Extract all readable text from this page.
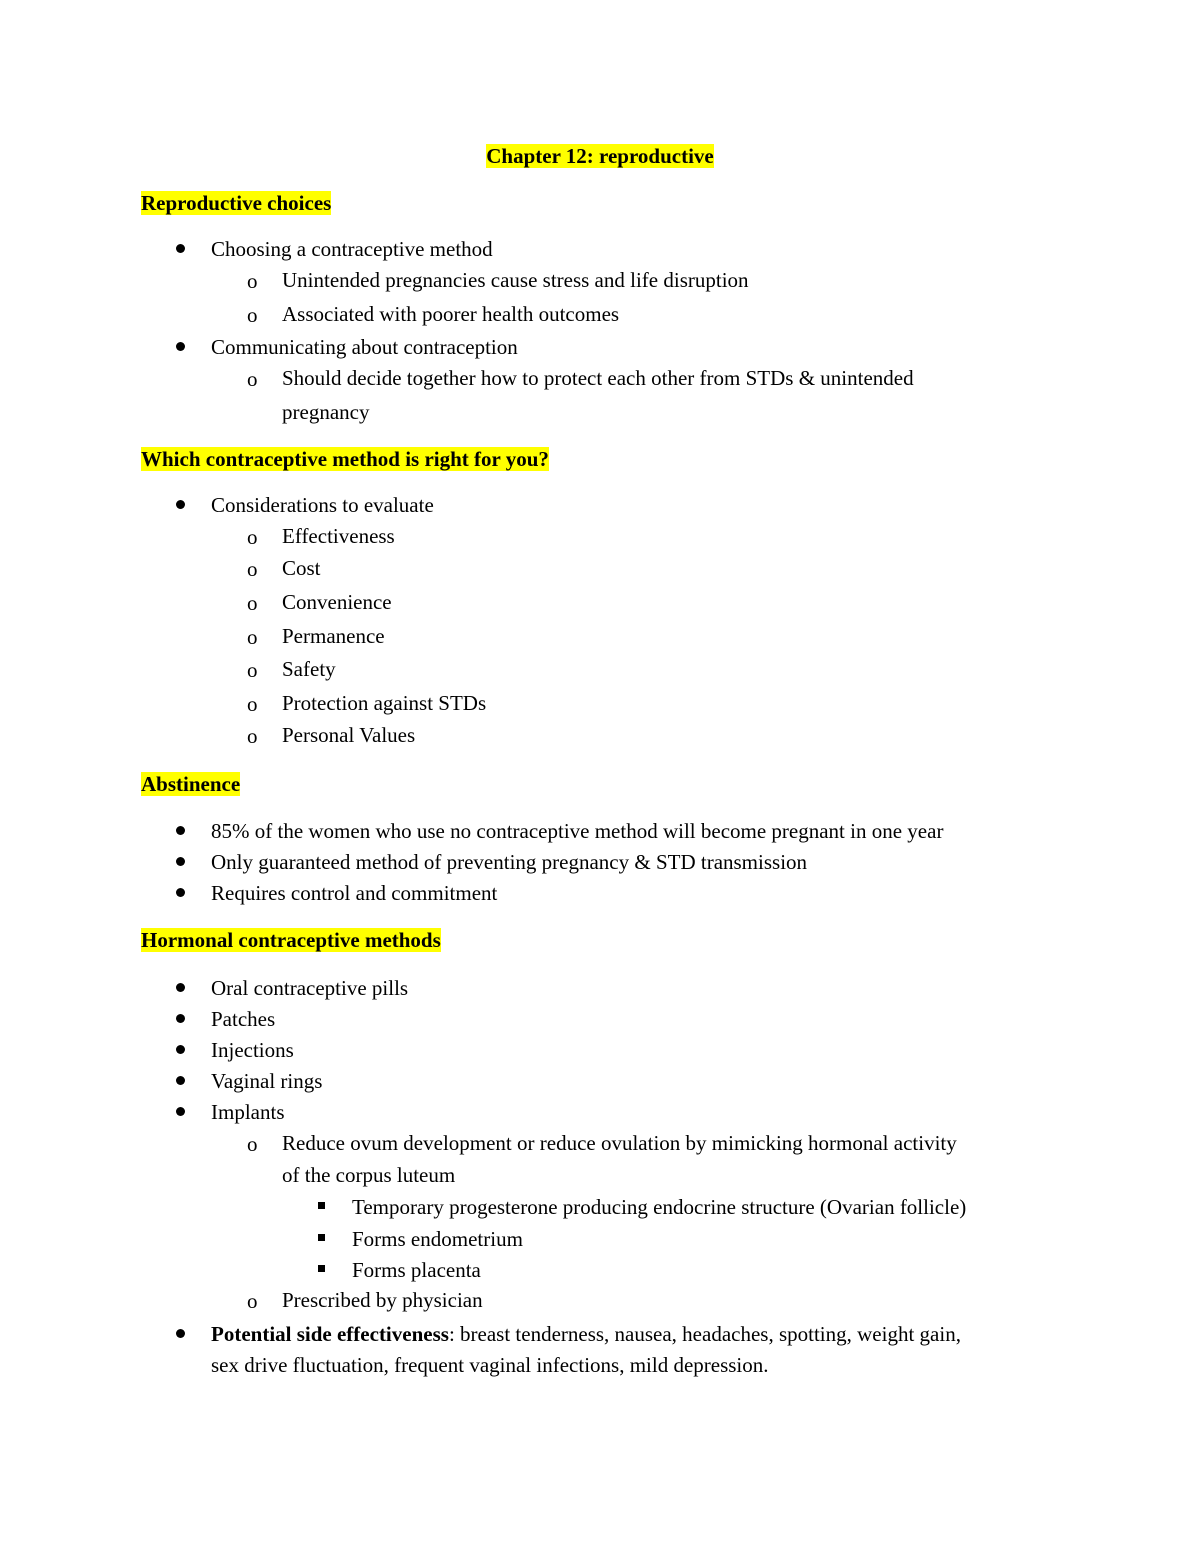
Chapter 12: reproductive
Reproductive choices
Choosing a contraceptive method
o Unintended pregnancies cause stress and life disruption
o Associated with poorer health outcomes
Communicating about contraception
o Should decide together how to protect each other from STDs & unintended
pregnancy
Which contraceptive method is right for you?
Considerations to evaluate
o Effectiveness
o Cost
o Convenience
o Permanence
o Safety
o Protection against STDs
o Personal Values
Abstinence
85% of the women who use no contraceptive method will become pregnant in one year
Only guaranteed method of preventing pregnancy & STD transmission
Requires control and commitment
Hormonal contraceptive methods
Oral contraceptive pills
Patches
Injections
Vaginal rings
Implants
o Reduce ovum development or reduce ovulation by mimicking hormonal activity
of the corpus luteum
Temporary progesterone producing endocrine structure (Ovarian follicle)
Forms endometrium
Forms placenta
o Prescribed by physician
Potential side effectiveness: breast tenderness, nausea, headaches, spotting, weight gain,
sex drive fluctuation, frequent vaginal infections, mild depression.
